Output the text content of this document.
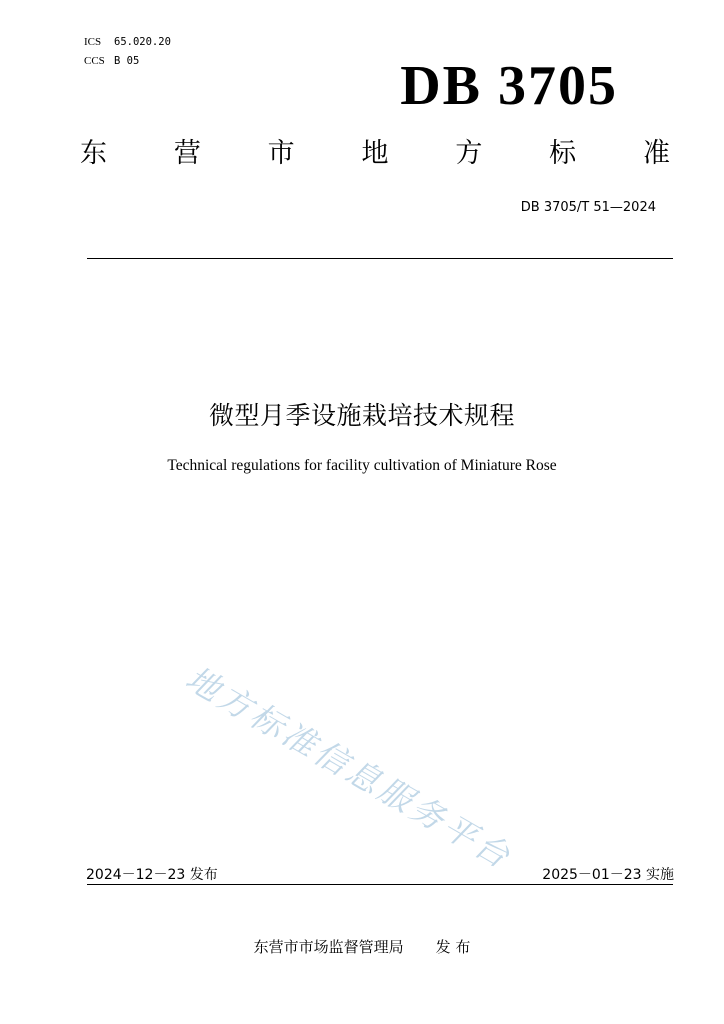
ICS 65.020.20
CCS B 05	DB 3705
东 营 市 地 方 标 准
DB 3705/T 51—2024
微型月季设施栽培技术规程
Technical regulations for facility cultivation of Miniature Rose
地方标准信息服务平台
2024－12－23 发布	2025－01－23 实施
东营市市场监督管理局 发 布
